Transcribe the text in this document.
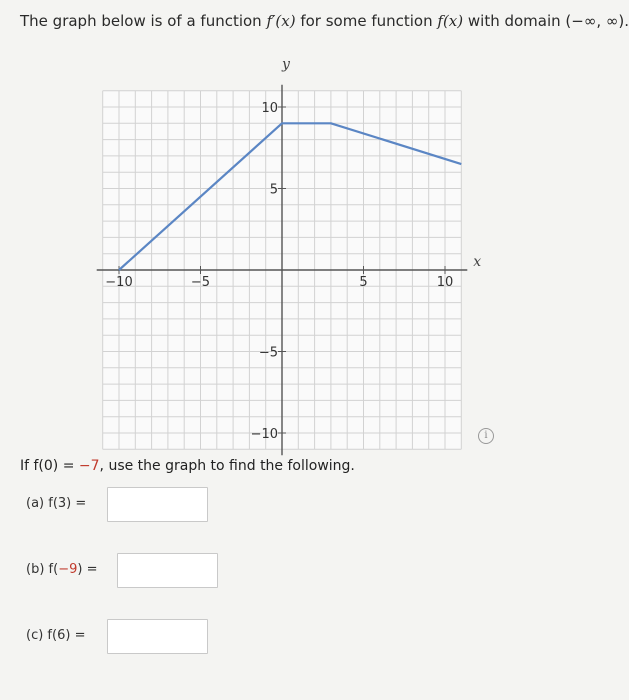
The graph below is of a function f′(x) for some function f(x) with domain (−∞, ∞).
x
y
−10	−5	5	10
10
5
−5
−10	i
If f(0) = −7, use the graph to find the following.
(a) f(3) =
(b) f(−9) =
(c) f(6) =
